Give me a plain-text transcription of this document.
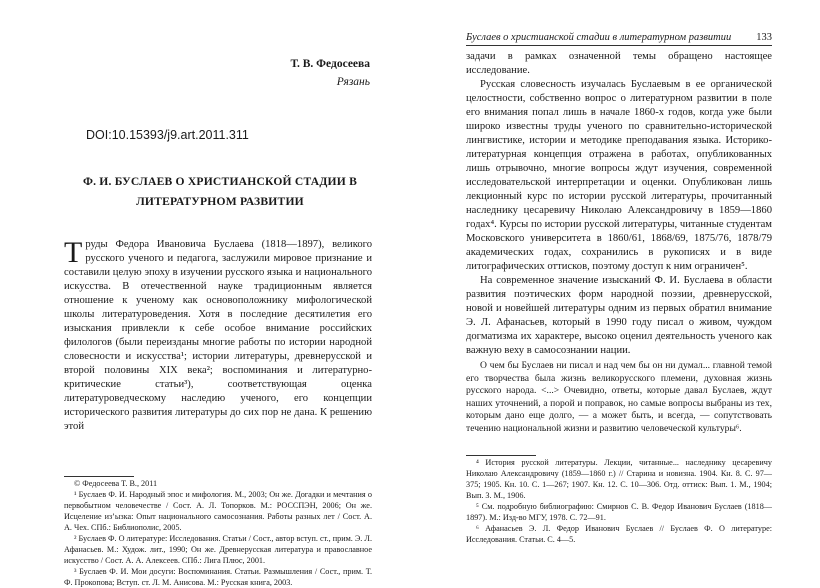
Т. В. Федосеева
Рязань
DOI:10.15393/j9.art.2011.311
Ф. И. БУСЛАЕВ О ХРИСТИАНСКОЙ СТАДИИ В ЛИТЕРАТУРНОМ РАЗВИТИИ

Труды Федора Ивановича Буслаева (1818—1897), великого русского ученого и педагога, заслужили мировое признание и составили целую эпоху в изучении русского языка и национального искусства. В отечественной науке традиционным является отношение к ученому как основоположнику мифологической школы литературоведения. Хотя в последние десятилетия его изыскания привлекли к себе особое внимание российских филологов (были переизданы многие работы по истории народной словесности и искусства¹; истории литературы, древнерусской и второй половины XIX века²; воспоминания и литературно-критические статьи³), соответствующая оценка литературоведческому наследию ученого, его концепции исторического развития литературы до сих пор не дана. К решению этой

© Федосеева Т. В., 2011

¹ Буслаев Ф. И. Народный эпос и мифология. М., 2003; Он же. Догадки и мечтания о первобытном человечестве / Сост. А. Л. Топорков. М.: РОССПЭН, 2006; Он же. Исцеление из’ызка: Опыт национального самосознания. Работы разных лет / Сост. А. А. Чех. СПб.: Библиополис, 2005.

² Буслаев Ф. О литературе: Исследования. Статьи / Сост., автор вступ. ст., прим. Э. Л. Афанасьев. М.: Худож. лит., 1990; Он же. Древнерусская литература и православное искусство / Сост. А. А. Алексеев. СПб.: Лига Плюс, 2001.

³ Буслаев Ф. И. Мои досуги: Воспоминания. Статьи. Размышления / Сост., прим. Т. Ф. Прокопова; Вступ. ст. Л. М. Анисова. М.: Русская книга, 2003.

Буслаев о христианской стадии в литературном развитии 133

задачи в рамках означенной темы обращено настоящее исследование.

Русская словесность изучалась Буслаевым в ее органической целостности, собственно вопрос о литературном развитии в поле его внимания попал лишь в начале 1860-х годов, когда уже были широко известны труды ученого по сравнительно-исторической лингвистике, истории и методике преподавания языка. Историко-литературная концепция отражена в работах, опубликованных лишь отрывочно, многие вопросы ждут изучения, современной исследовательской интерпретации и оценки. Опубликован лишь лекционный курс по истории русской литературы, прочитанный наследнику цесаревичу Николаю Александровичу в 1859—1860 годах⁴. Курсы по истории русской литературы, читанные студентам Московского университета в 1860/61, 1868/69, 1875/76, 1878/79 академических годах, сохранились в рукописях и в виде литографических оттисков, поэтому доступ к ним ограничен⁵.

На современное значение изысканий Ф. И. Буслаева в области развития поэтических форм народной поэзии, древнерусской, новой и новейшей литературы одним из первых обратил внимание Э. Л. Афанасьев, который в 1990 году писал о живом, чуждом догматизма их характере, высоко оценил деятельность ученого как важную веху в самосознании нации.

О чем бы Буслаев ни писал и над чем бы он ни думал... главной темой его творчества была жизнь великорусского племени, духовная жизнь русского народа. <...> Очевидно, ответы, которые давал Буслаев, ждут наших уточнений, а порой и поправок, но самые вопросы выбраны из тех, которым дано еще долго, — а может быть, и всегда, — сопутствовать течению национальной жизни и развитию человеческой культуры⁶.

⁴ История русской литературы. Лекции, читанные... наследнику цесаревичу Николаю Александровичу (1859—1860 г.) // Старина и новизна. 1904. Кн. 8. С. 97—375; 1905. Кн. 10. С. 1—267; 1907. Кн. 12. С. 10—306. Отд. оттиск: Вып. 1. М., 1904; Вып. 3. М., 1906.

⁵ См. подробную библиографию: Смирнов С. В. Федор Иванович Буслаев (1818—1897). М.: Изд-во МГУ, 1978. С. 72—91.

⁶ Афанасьев Э. Л. Федор Иванович Буслаев // Буслаев Ф. О литературе: Исследования. Статьи. С. 4—5.
